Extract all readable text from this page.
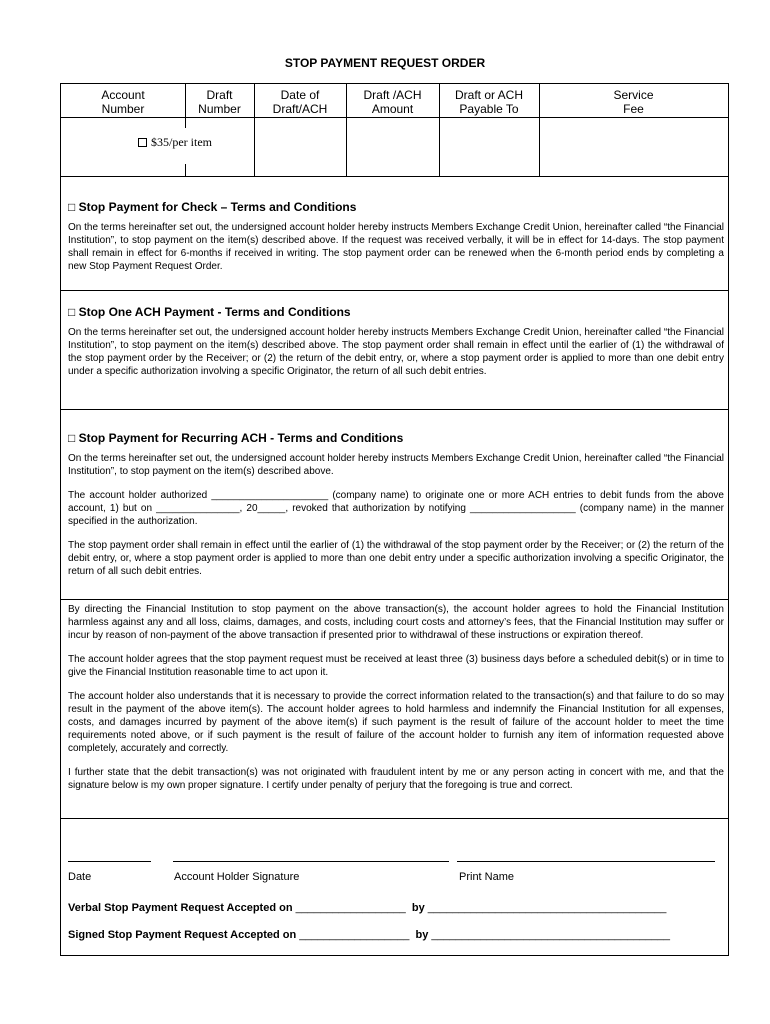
STOP PAYMENT REQUEST ORDER
Account
Number
Draft
Number
Date of
Draft/ACH
Draft /ACH
Amount
Draft or ACH
Payable To
Service
Fee
$35/per item
□ Stop Payment for Check – Terms and Conditions

On the terms hereinafter set out, the undersigned account holder hereby instructs Members Exchange Credit Union, hereinafter called “the Financial Institution”, to stop payment on the item(s) described above. If the request was received verbally, it will be in effect for 14-days. The stop payment shall remain in effect for 6-months if received in writing. The stop payment order can be renewed when the 6-month period ends by completing a new Stop Payment Request Order.

□ Stop One ACH Payment - Terms and Conditions

On the terms hereinafter set out, the undersigned account holder hereby instructs Members Exchange Credit Union, hereinafter called “the Financial Institution”, to stop payment on the item(s) described above. The stop payment order shall remain in effect until the earlier of (1) the withdrawal of the stop payment order by the Receiver; or (2) the return of the debit entry, or, where a stop payment order is applied to more than one debit entry under a specific authorization involving a specific Originator, the return of all such debit entries.

□ Stop Payment for Recurring ACH - Terms and Conditions

On the terms hereinafter set out, the undersigned account holder hereby instructs Members Exchange Credit Union, hereinafter called “the Financial Institution”, to stop payment on the item(s) described above.

The account holder authorized _____________________ (company name) to originate one or more ACH entries to debit funds from the above account, 1) but on _______________, 20_____, revoked that authorization by notifying ___________________ (company name) in the manner specified in the authorization.

The stop payment order shall remain in effect until the earlier of (1) the withdrawal of the stop payment order by the Receiver; or (2) the return of the debit entry, or, where a stop payment order is applied to more than one debit entry under a specific authorization involving a specific Originator, the return of all such debit entries.

By directing the Financial Institution to stop payment on the above transaction(s), the account holder agrees to hold the Financial Institution harmless against any and all loss, claims, damages, and costs, including court costs and attorney’s fees, that the Financial Institution may suffer or incur by reason of non-payment of the above transaction if presented prior to withdrawal of these instructions or expiration thereof.

The account holder agrees that the stop payment request must be received at least three (3) business days before a scheduled debit(s) or in time to give the Financial Institution reasonable time to act upon it.

The account holder also understands that it is necessary to provide the correct information related to the transaction(s) and that failure to do so may result in the payment of the above item(s). The account holder agrees to hold harmless and indemnify the Financial Institution for all expenses, costs, and damages incurred by payment of the above item(s) if such payment is the result of failure of the account holder to meet the time requirements noted above, or if such payment is the result of failure of the account holder to furnish any item of information requested above completely, accurately and correctly.

I further state that the debit transaction(s) was not originated with fraudulent intent by me or any person acting in concert with me, and that the signature below is my own proper signature. I certify under penalty of perjury that the foregoing is true and correct.

Date	Account Holder Signature	Print Name
Verbal Stop Payment Request Accepted on __________________ by _______________________________________
Signed Stop Payment Request Accepted on __________________ by _______________________________________
